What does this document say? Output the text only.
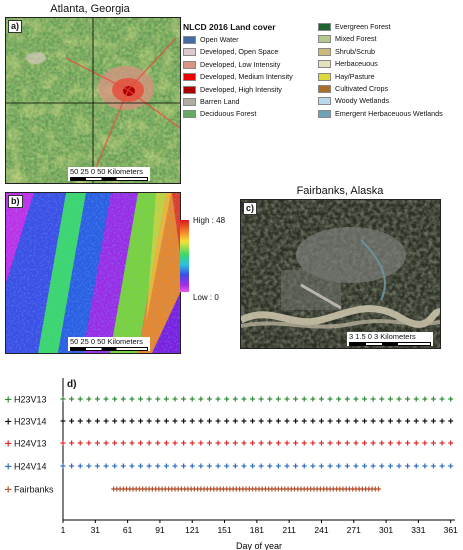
Atlanta, Georgia
a)
50 25 0 50 Kilometers
NLCD 2016 Land cover
Open Water
Developed, Open Space
Developed, Low Intensity
Developed, Medium Intensity
Developed, High Intensity
Barren Land
Deciduous Forest
Evergreen Forest
Mixed Forest
Shrub/Scrub
Herbaceuous
Hay/Pasture
Cultivated Crops
Woody Wetlands
Emergent Herbaceuous Wetlands
b)
50 25 0 50 Kilometers
High : 48
Low : 0
Fairbanks, Alaska
c)
3 1.5 0 3 Kilometers
d)
1	31	61	91 121 151 181 211 241 271 301 331 361
Day of year
+ H23V13
+ H23V14
+ H24V13
+ H24V14
+ Fairbanks
